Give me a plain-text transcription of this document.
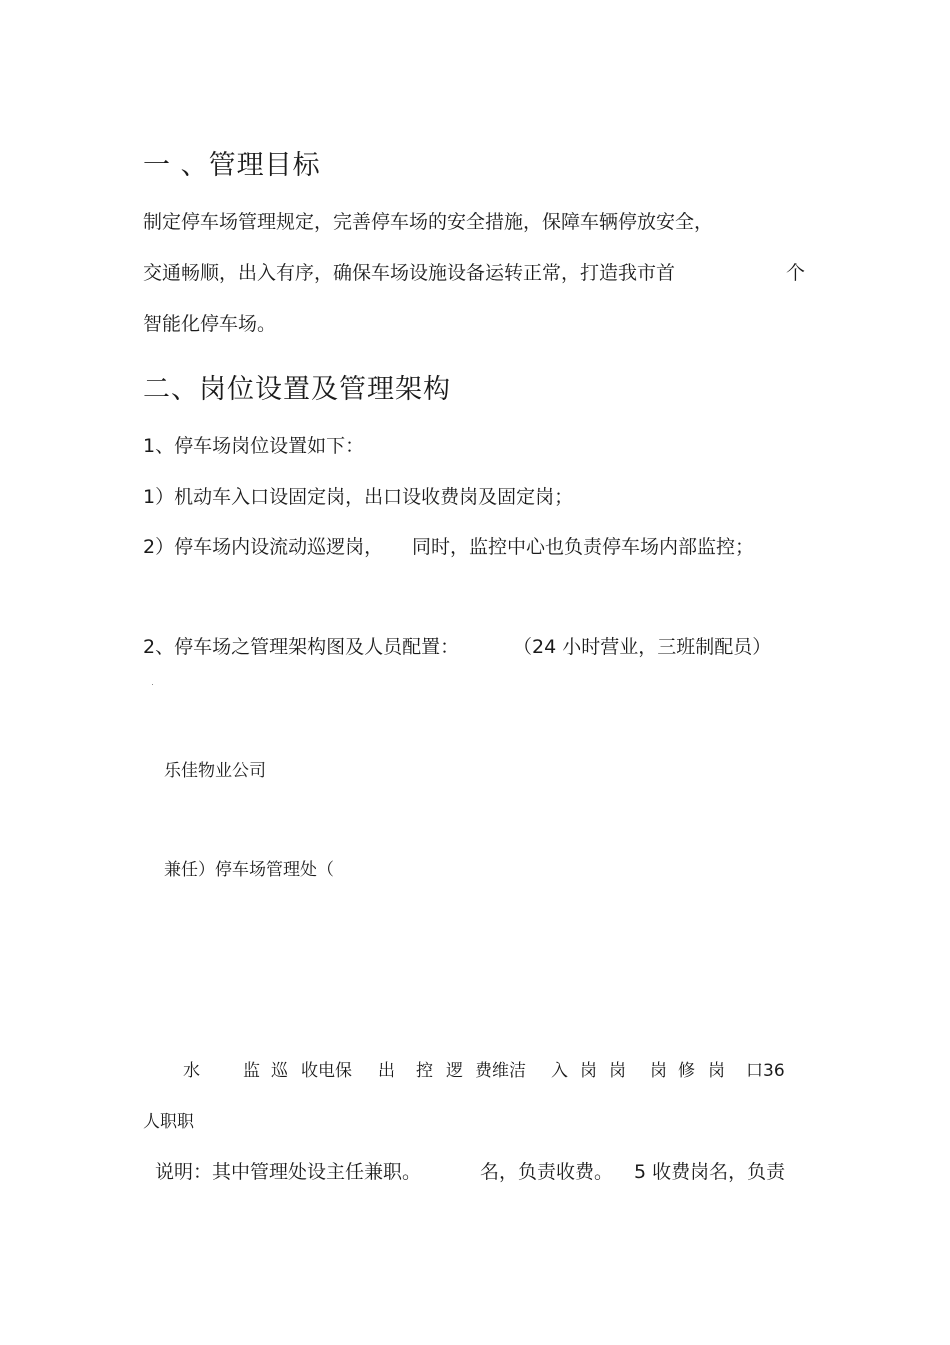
一 、管理目标
制定停车场管理规定，完善停车场的安全措施，保障车辆停放安全，
交通畅顺，出入有序，确保车场设施设备运转正常，打造我市首	个
智能化停车场。
二、岗位设置及管理架构
1、停车场岗位设置如下：
1）机动车入口设固定岗，出口设收费岗及固定岗；
2）停车场内设流动巡逻岗， 同时，监控中心也负责停车场内部监控；
2、停车场之管理架构图及人员配置：	（24 小时营业，三班制配员）
乐佳物业公司
兼任）停车场管理处（
水	监 巡 收电保 出 控 逻 费维洁 入 岗 岗 岗 修 岗 口36
人职职
说明：其中管理处设主任兼职。	名，负责收费。 5 收费岗名，负责
